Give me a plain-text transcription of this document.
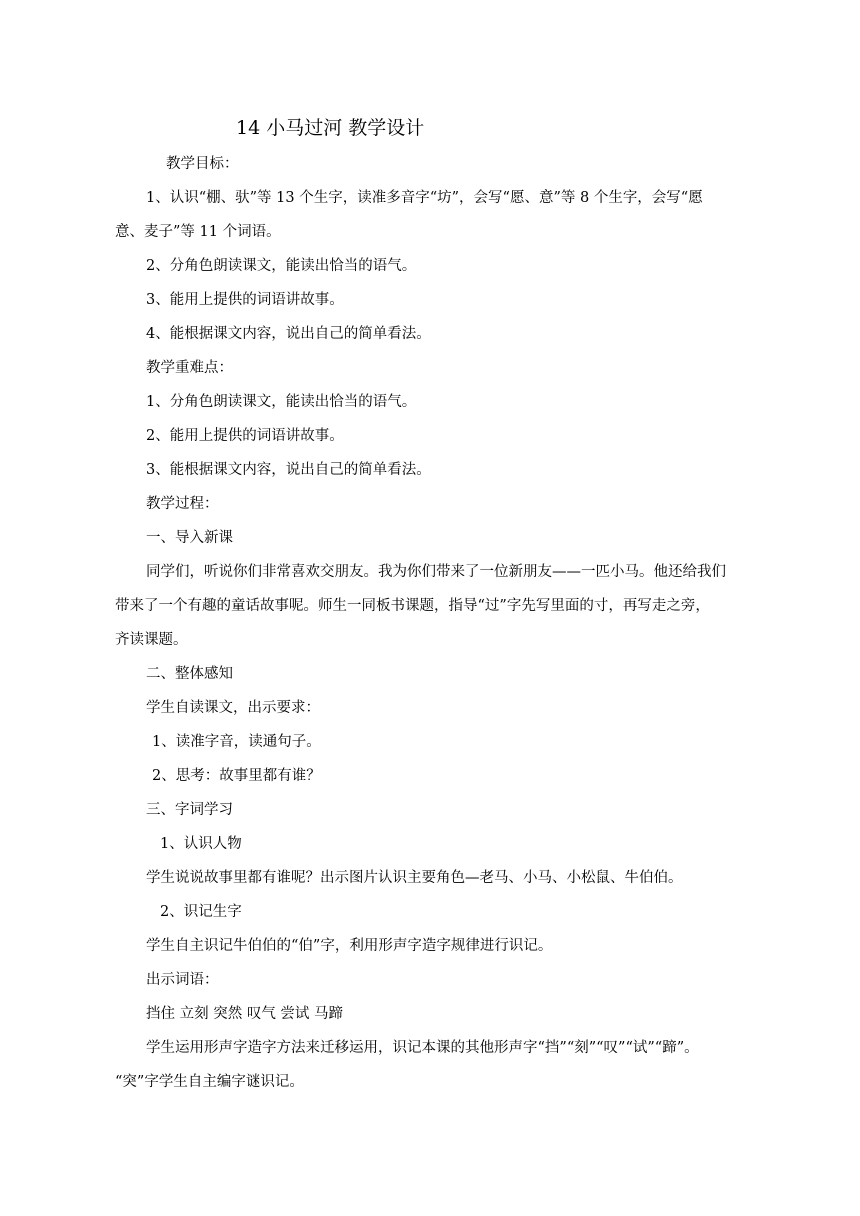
14 小马过河 教学设计
教学目标：
1、认识“棚、驮”等 13 个生字，读准多音字“坊”，会写“愿、意”等 8 个生字，会写“愿
意、麦子”等 11 个词语。
2、分角色朗读课文，能读出恰当的语气。
3、能用上提供的词语讲故事。
4、能根据课文内容，说出自己的简单看法。
教学重难点：
1、分角色朗读课文，能读出恰当的语气。
2、能用上提供的词语讲故事。
3、能根据课文内容，说出自己的简单看法。
教学过程：
一、导入新课
同学们，听说你们非常喜欢交朋友。我为你们带来了一位新朋友——一匹小马。他还给我们
带来了一个有趣的童话故事呢。师生一同板书课题，指导“过”字先写里面的寸，再写走之旁，
齐读课题。
二、整体感知
学生自读课文，出示要求：
1、读准字音，读通句子。
2、思考：故事里都有谁？
三、字词学习
1、认识人物
学生说说故事里都有谁呢？出示图片认识主要角色—老马、小马、小松鼠、牛伯伯。
2、识记生字
学生自主识记牛伯伯的“伯”字，利用形声字造字规律进行识记。
出示词语：
挡住 立刻 突然 叹气 尝试 马蹄
学生运用形声字造字方法来迁移运用，识记本课的其他形声字“挡”“刻”“叹”“试”“蹄”。
“突”字学生自主编字谜识记。
